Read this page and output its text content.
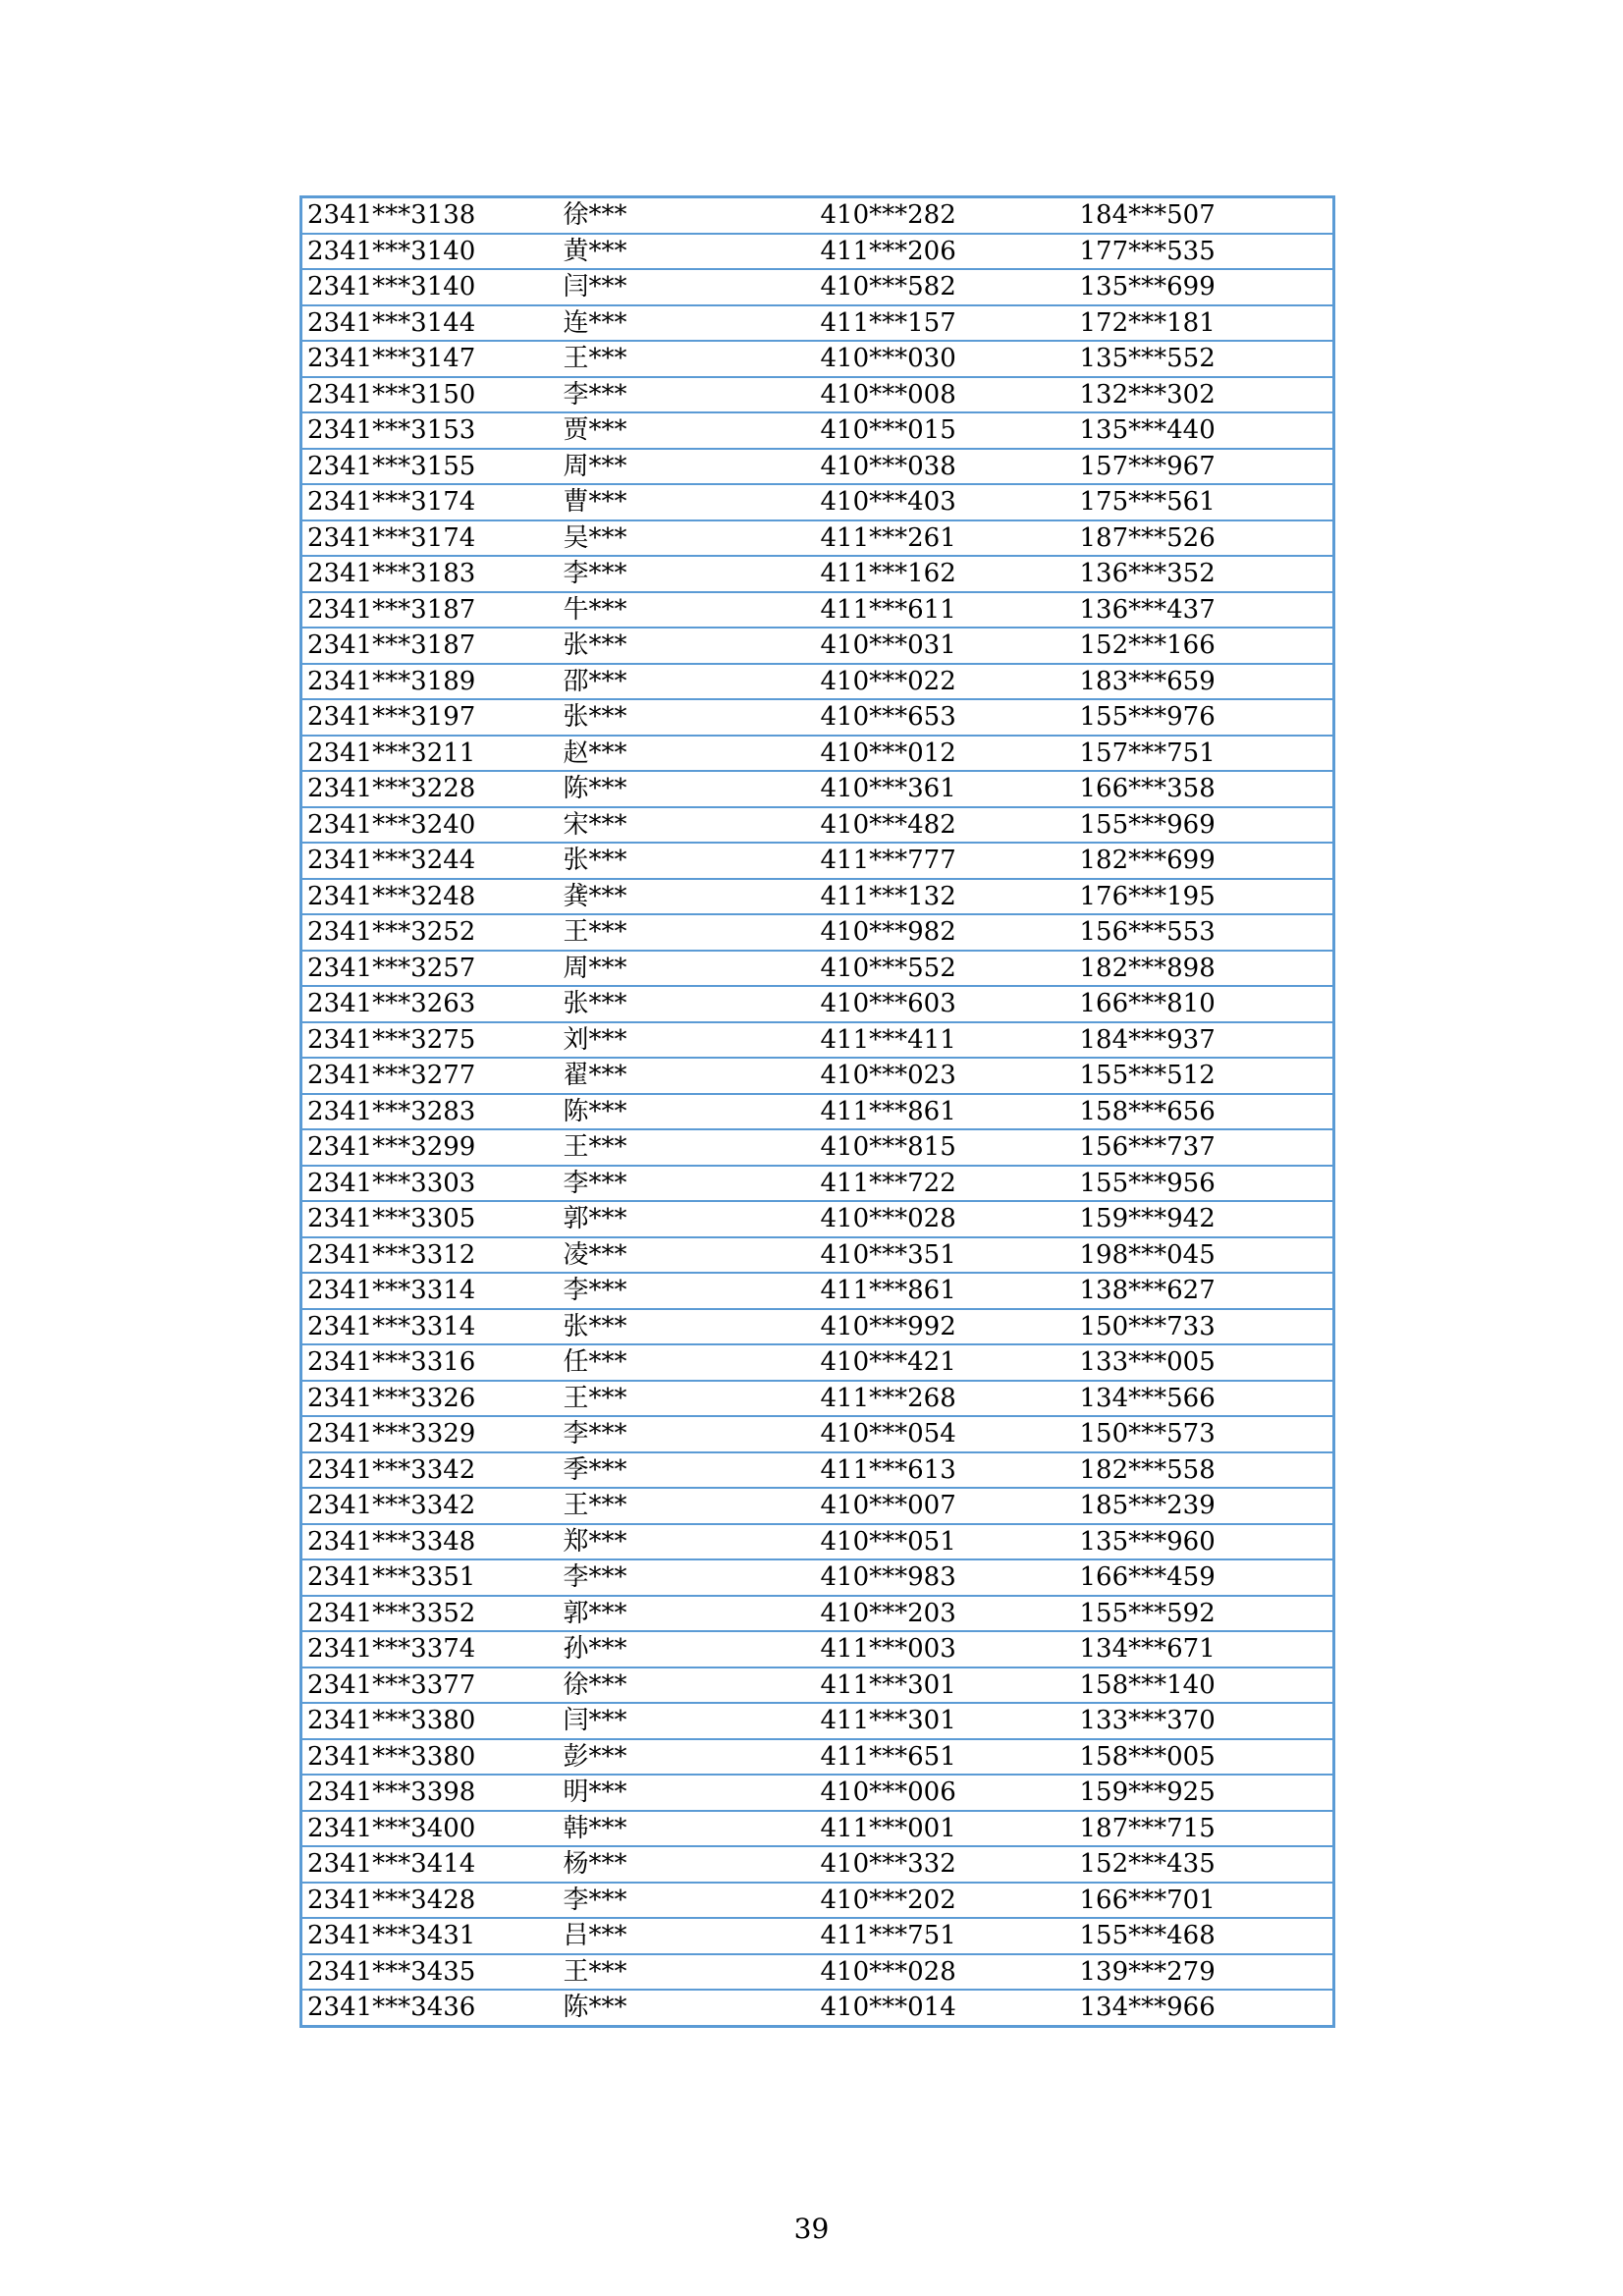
2341***3138	徐***	410***282	184***507
2341***3140	黄***	411***206	177***535
2341***3140	闫***	410***582	135***699
2341***3144	连***	411***157	172***181
2341***3147	王***	410***030	135***552
2341***3150	李***	410***008	132***302
2341***3153	贾***	410***015	135***440
2341***3155	周***	410***038	157***967
2341***3174	曹***	410***403	175***561
2341***3174	吴***	411***261	187***526
2341***3183	李***	411***162	136***352
2341***3187	牛***	411***611	136***437
2341***3187	张***	410***031	152***166
2341***3189	邵***	410***022	183***659
2341***3197	张***	410***653	155***976
2341***3211	赵***	410***012	157***751
2341***3228	陈***	410***361	166***358
2341***3240	宋***	410***482	155***969
2341***3244	张***	411***777	182***699
2341***3248	龚***	411***132	176***195
2341***3252	王***	410***982	156***553
2341***3257	周***	410***552	182***898
2341***3263	张***	410***603	166***810
2341***3275	刘***	411***411	184***937
2341***3277	翟***	410***023	155***512
2341***3283	陈***	411***861	158***656
2341***3299	王***	410***815	156***737
2341***3303	李***	411***722	155***956
2341***3305	郭***	410***028	159***942
2341***3312	凌***	410***351	198***045
2341***3314	李***	411***861	138***627
2341***3314	张***	410***992	150***733
2341***3316	任***	410***421	133***005
2341***3326	王***	411***268	134***566
2341***3329	李***	410***054	150***573
2341***3342	季***	411***613	182***558
2341***3342	王***	410***007	185***239
2341***3348	郑***	410***051	135***960
2341***3351	李***	410***983	166***459
2341***3352	郭***	410***203	155***592
2341***3374	孙***	411***003	134***671
2341***3377	徐***	411***301	158***140
2341***3380	闫***	411***301	133***370
2341***3380	彭***	411***651	158***005
2341***3398	明***	410***006	159***925
2341***3400	韩***	411***001	187***715
2341***3414	杨***	410***332	152***435
2341***3428	李***	410***202	166***701
2341***3431	吕***	411***751	155***468
2341***3435	王***	410***028	139***279
2341***3436	陈***	410***014	134***966
39
